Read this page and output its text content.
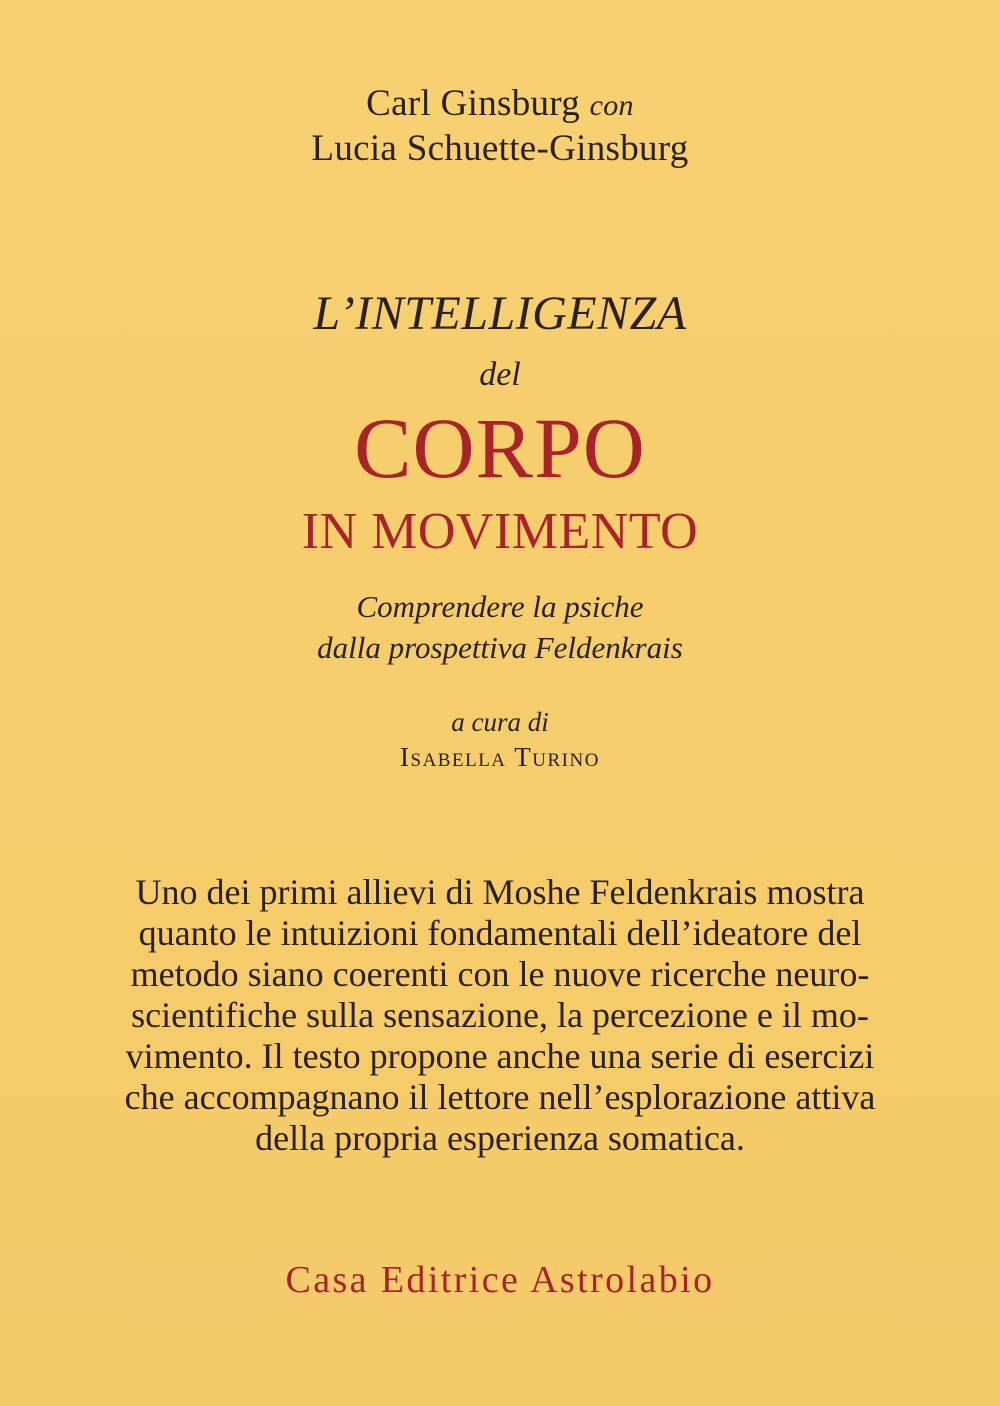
Carl Ginsburg con
Lucia Schuette-Ginsburg
L’INTELLIGENZA
del
CORPO
IN MOVIMENTO
Comprendere la psiche
dalla prospettiva Feldenkrais
a cura di
Isabella Turino
Uno dei primi allievi di Moshe Feldenkrais mostra
quanto le intuizioni fondamentali dell’ideatore del
metodo siano coerenti con le nuove ricerche neuro-
scientifiche sulla sensazione, la percezione e il mo-
vimento. Il testo propone anche una serie di esercizi
che accompagnano il lettore nell’esplorazione attiva
della propria esperienza somatica.
Casa Editrice Astrolabio
